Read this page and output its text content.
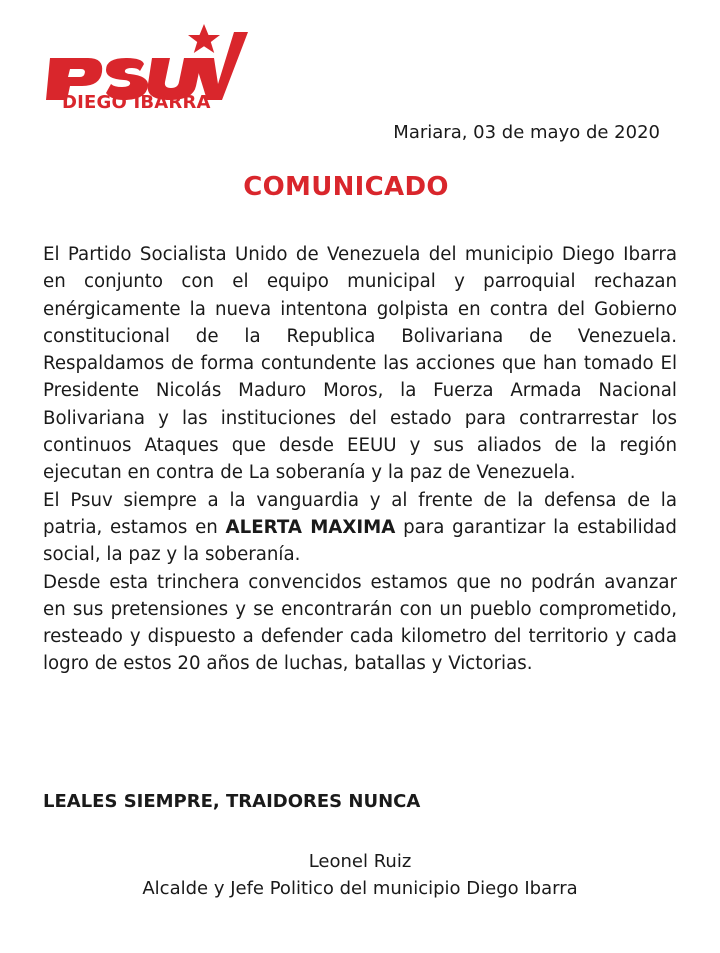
DIEGO IBARRA
Mariara, 03 de mayo de 2020
COMUNICADO

El Partido Socialista Unido de Venezuela del municipio Diego Ibarra en conjunto con el equipo municipal y parroquial rechazan enérgicamente la nueva intentona golpista en contra del Gobierno constitucional de la Republica Bolivariana de Venezuela. Respaldamos de forma contundente las acciones que han tomado El Presidente Nicolás Maduro Moros, la Fuerza Armada Nacional Bolivariana y las instituciones del estado para contrarrestar los continuos Ataques que desde EEUU y sus aliados de la región ejecutan en contra de La soberanía y la paz de Venezuela.

El Psuv siempre a la vanguardia y al frente de la defensa de la patria, estamos en ALERTA MAXIMA para garantizar la estabilidad social, la paz y la soberanía.

Desde esta trinchera convencidos estamos que no podrán avanzar en sus pretensiones y se encontrarán con un pueblo comprometido, resteado y dispuesto a defender cada kilometro del territorio y cada logro de estos 20 años de luchas, batallas y Victorias.

LEALES SIEMPRE, TRAIDORES NUNCA
Leonel Ruiz
Alcalde y Jefe Politico del municipio Diego Ibarra
